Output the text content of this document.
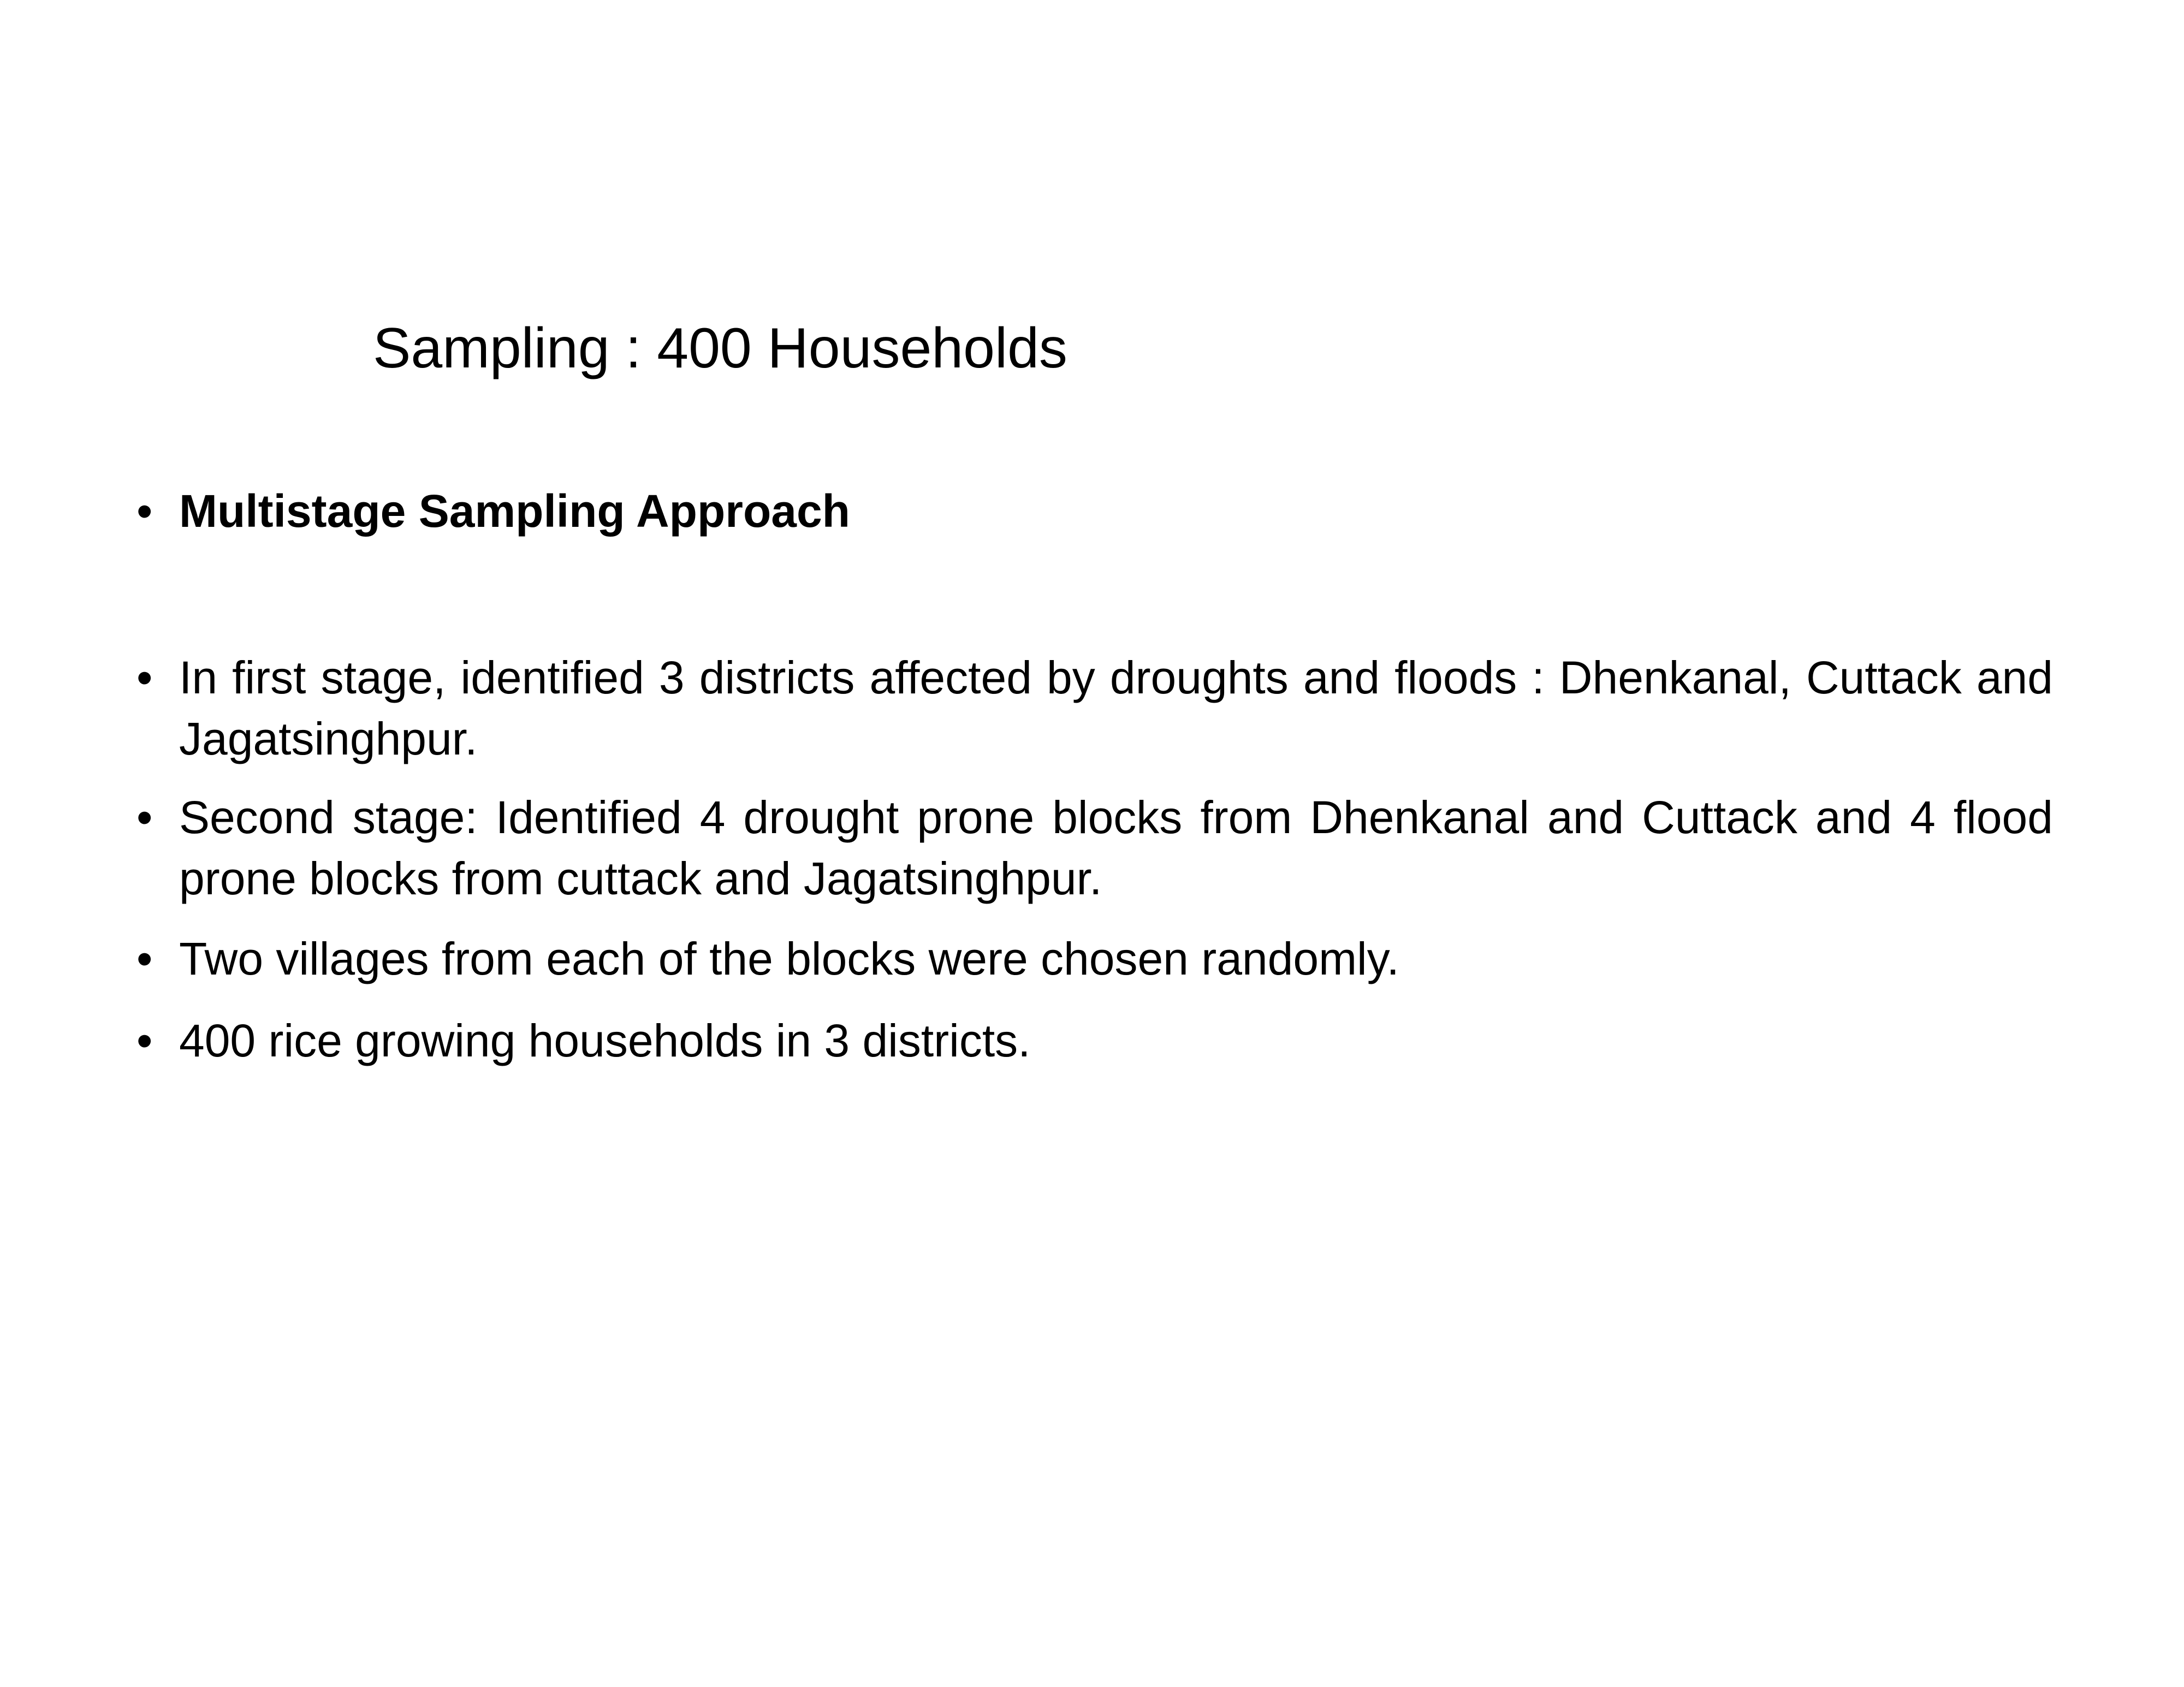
Sampling : 400 Households
• Multistage Sampling Approach
• In first stage, identified 3 districts affected by droughts and floods : Dhenkanal, Cuttack and Jagatsinghpur.
• Second stage: Identified 4 drought prone blocks from Dhenkanal and Cuttack and 4 flood prone blocks from cuttack and Jagatsinghpur.
• Two villages from each of the blocks were chosen randomly.
• 400 rice growing households in 3 districts.
